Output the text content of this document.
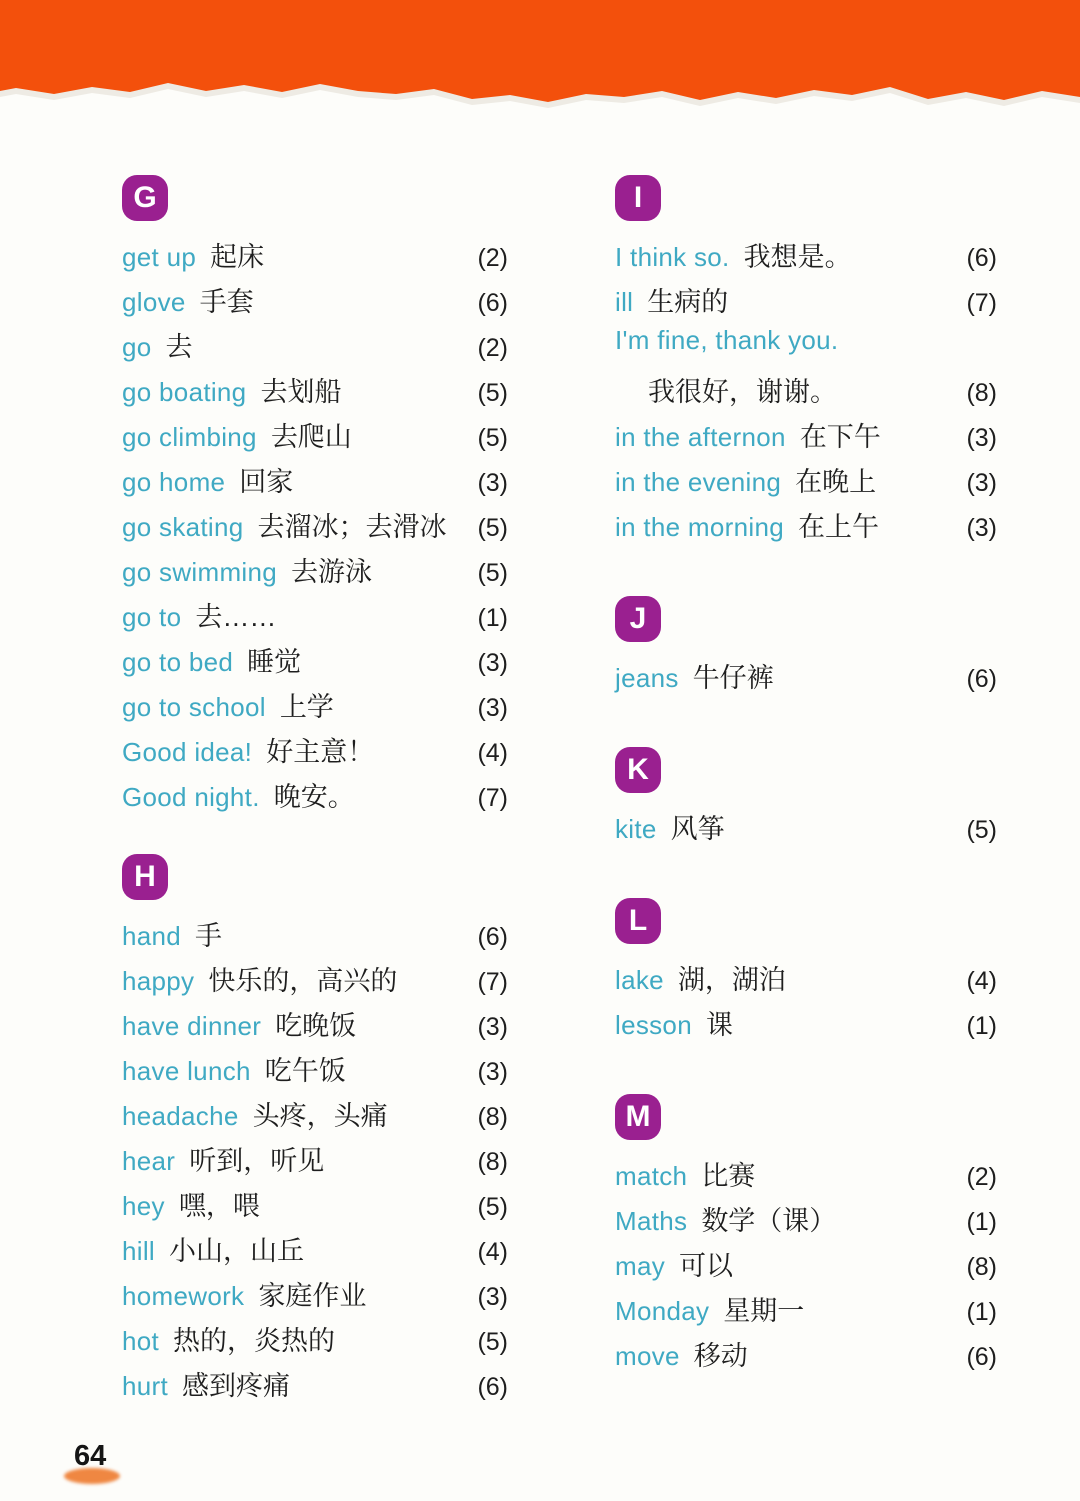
G
get up 起床	(2)
glove 手套	(6)
go 去	(2)
go boating 去划船	(5)
go climbing 去爬山	(5)
go home 回家	(3)
go skating 去溜冰；去滑冰 (5)
go swimming 去游泳	(5)
go to 去……	(1)
go to bed 睡觉	(3)
go to school 上学	(3)
Good idea! 好主意！	(4)
Good night. 晚安。	(7)
H
hand 手	(6)
happy 快乐的，高兴的	(7)
have dinner 吃晚饭	(3)
have lunch 吃午饭	(3)
headache 头疼，头痛	(8)
hear 听到，听见	(8)
hey 嘿，喂	(5)
hill 小山，山丘	(4)
homework 家庭作业	(3)
hot 热的，炎热的	(5)
hurt 感到疼痛	(6)
I
I think so. 我想是。	(6)
ill 生病的	(7)
I'm fine, thank you.
我很好，谢谢。	(8)
in the afternon 在下午	(3)
in the evening 在晚上	(3)
in the morning 在上午	(3)
J
jeans 牛仔裤	(6)
K
kite 风筝	(5)
L
lake 湖，湖泊	(4)
lesson 课	(1)
M
match 比赛	(2)
Maths 数学（课）	(1)
may 可以	(8)
Monday 星期一	(1)
move 移动	(6)
64
